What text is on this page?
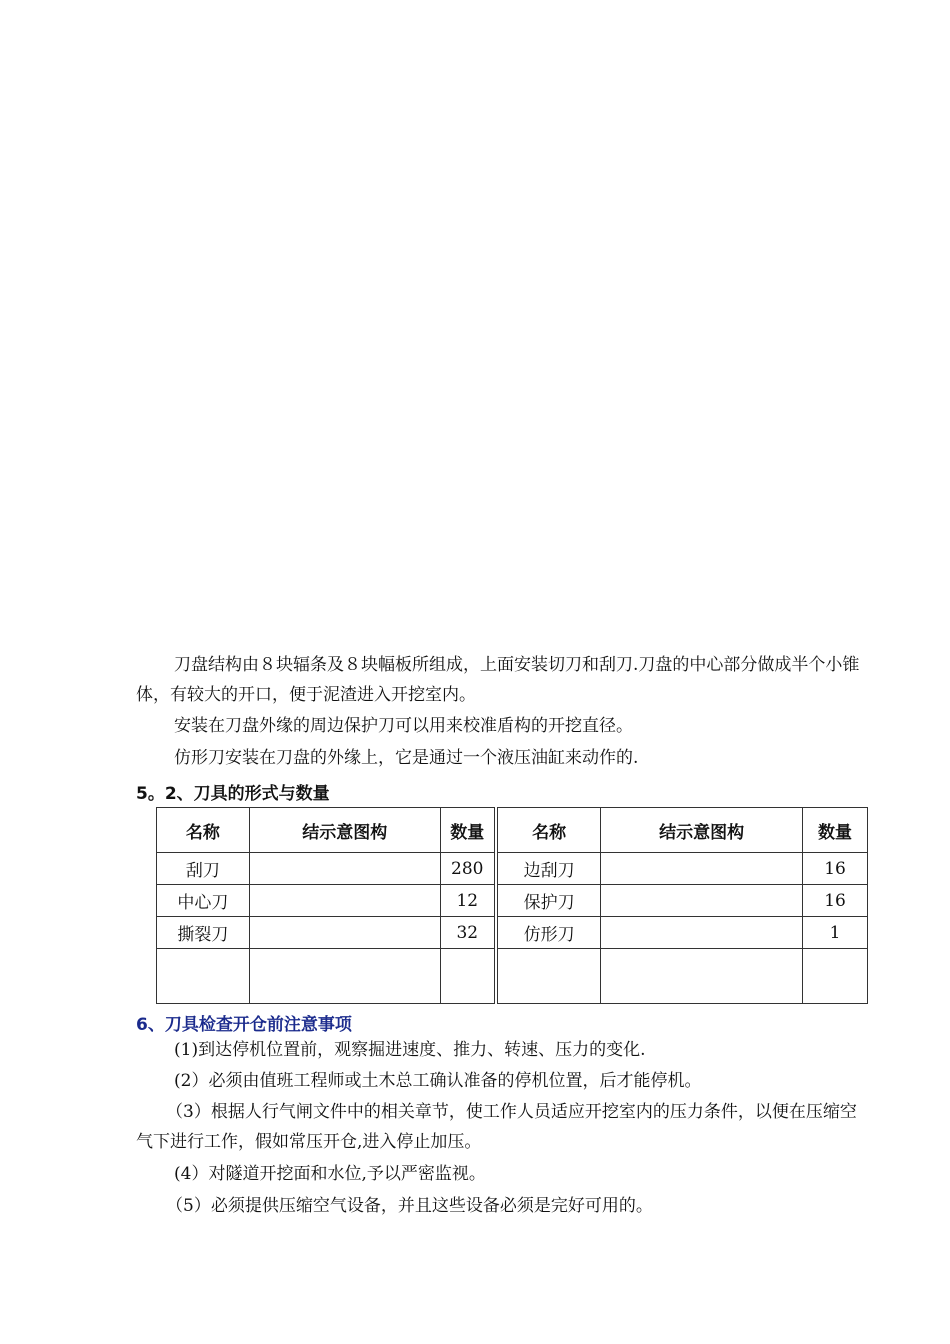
刀盘结构由８块辐条及８块幅板所组成，上面安装切刀和刮刀.刀盘的中心部分做成半个小锥体，有较大的开口，便于泥渣进入开挖室内。

安装在刀盘外缘的周边保护刀可以用来校准盾构的开挖直径。

仿形刀安装在刀盘的外缘上，它是通过一个液压油缸来动作的.

5。2、刀具的形式与数量

名称	结示意图构	数量	名称	结示意图构	数量
刮刀		280	边刮刀		16
中心刀		12	保护刀		16
撕裂刀		32	仿形刀		1

6、刀具检查开仓前注意事项

(1)到达停机位置前，观察掘进速度、推力、转速、压力的变化.

(2）必须由值班工程师或土木总工确认准备的停机位置，后才能停机。

（3）根据人行气闸文件中的相关章节，使工作人员适应开挖室内的压力条件，以便在压缩空气下进行工作，假如常压开仓,进入停止加压。

(4）对隧道开挖面和水位,予以严密监视。

（5）必须提供压缩空气设备，并且这些设备必须是完好可用的。
